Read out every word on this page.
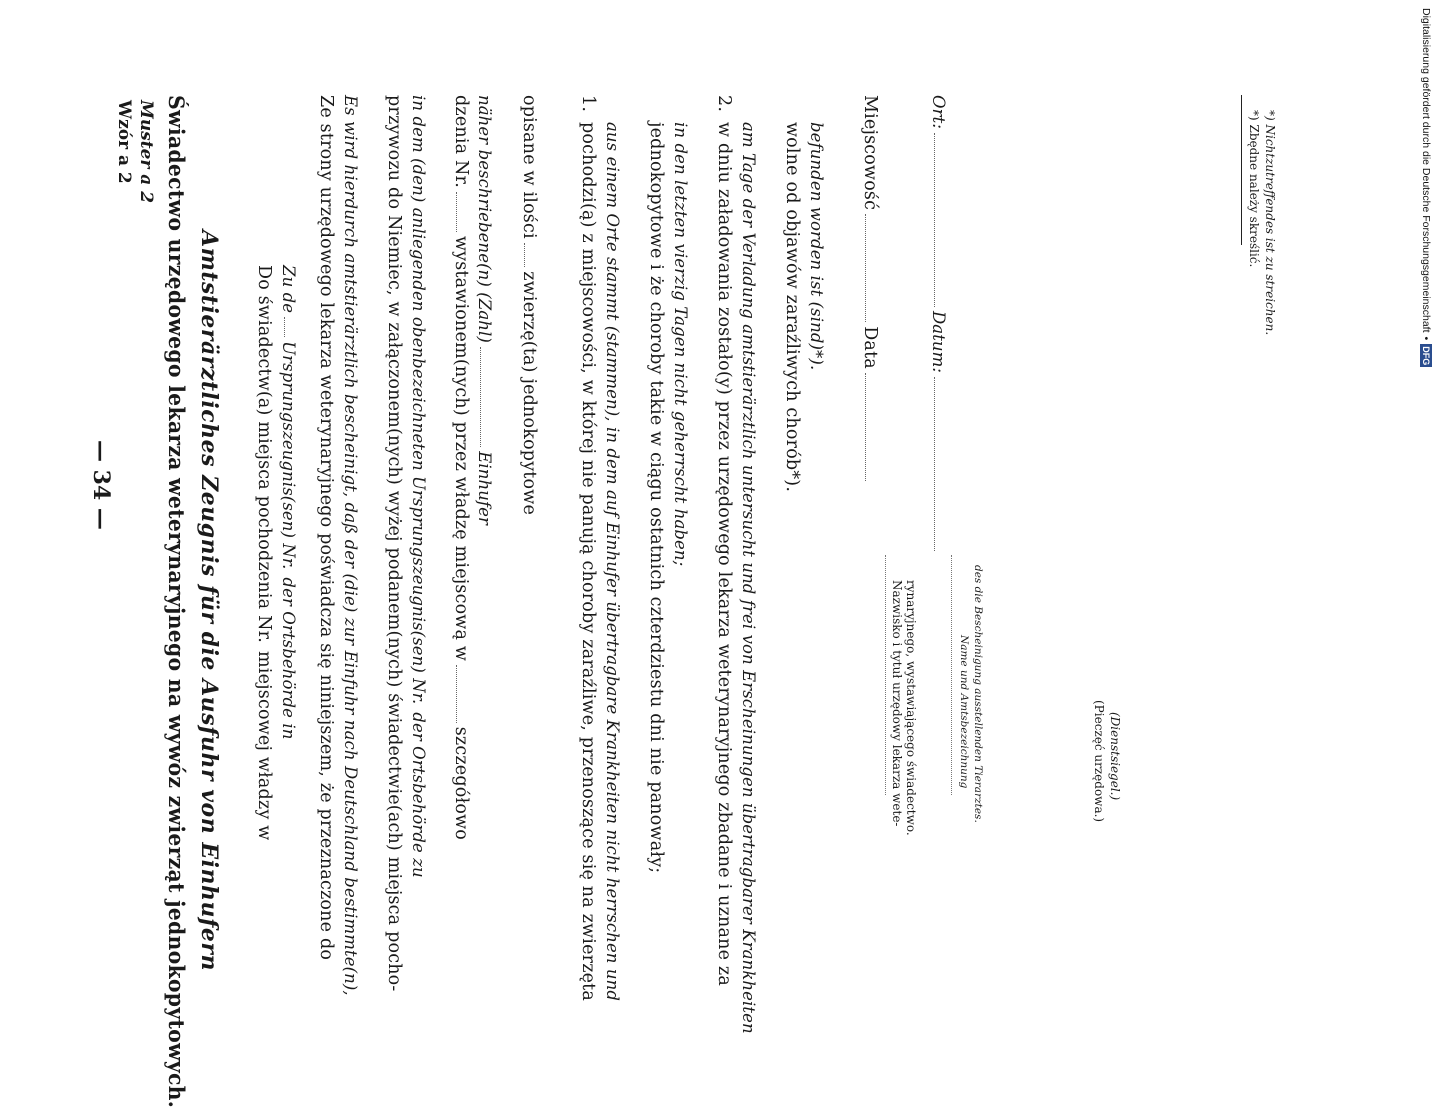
Digitalisierung gefördert durch die Deutsche Forschungsgemeinschaft
•
DFG
— 34 —
Wzór a 2 Muster a 2 Świadectwo urzędowego lekarza weterynaryjnego na wywóz zwierząt jednokopytowych. Amtstierärztliches Zeugnis für die Ausfuhr von Einhufern Do świadectw(a) miejsca pochodzenia Nr.
miejscowej władzy w
Zu de
Ursprungszeugnis(sen) Nr.
der Ortsbehörde in Ze strony urzędowego lekarza weterynaryjnego poświadcza się niniejszem, że przeznaczone do Es wird hierdurch amtstierärztlich bescheinigt, daß der (die) zur Einfuhr nach Deutschland bestimmte(n), przywozu do Niemiec, w załączonem(nych) wyżej podanem(nych) świadectwie(ach) miejsca pocho- in dem (den) anliegenden obenbezeichneten Ursprungszeugnis(sen) Nr.
der Ortsbehörde zu
dzenia Nr.
wystawionem(nych) przez władzę miejscową w
szczegółowo
näher beschriebene(n) (Zahl)
Einhufer
opisane w ilości
zwierzę(ta) jednokopytowe
1.
pochodzi(ą) z miejscowości, w której nie panują choroby zaraźliwe, przenoszące się na zwierzęta aus einem Orte stammt (stammen), in dem auf Einhufer übertragbare Krankheiten nicht herrschen und jednokopytowe i że choroby takie w ciągu ostatnich czterdziestu dni nie panowały; in den letzten vierzig Tagen nicht geherrscht haben;
2.
w dniu załadowania zostało(y) przez urzędowego lekarza weterynaryjnego zbadane i uznane za am Tage der Verladung amtstierärztlich untersucht und frei von Erscheinungen übertragbarer Krankheiten wolne od objawów zaraźliwych chorób*). befunden worden ist (sind)*). Miejscowość
Data
Ort:
Datum:
Nazwisko i tytuł urzędowy lekarza wete- rynaryjnego, wystawiającego świadectwo.	Name und Amtsbezeichnung des die Bescheinigung ausstellenden Tierarztes.	(Pieczęć urzędowa.) (Dienstsiegel.)
*) Zbędne należy skreślić. *) Nichtzutreffendes ist zu streichen.
